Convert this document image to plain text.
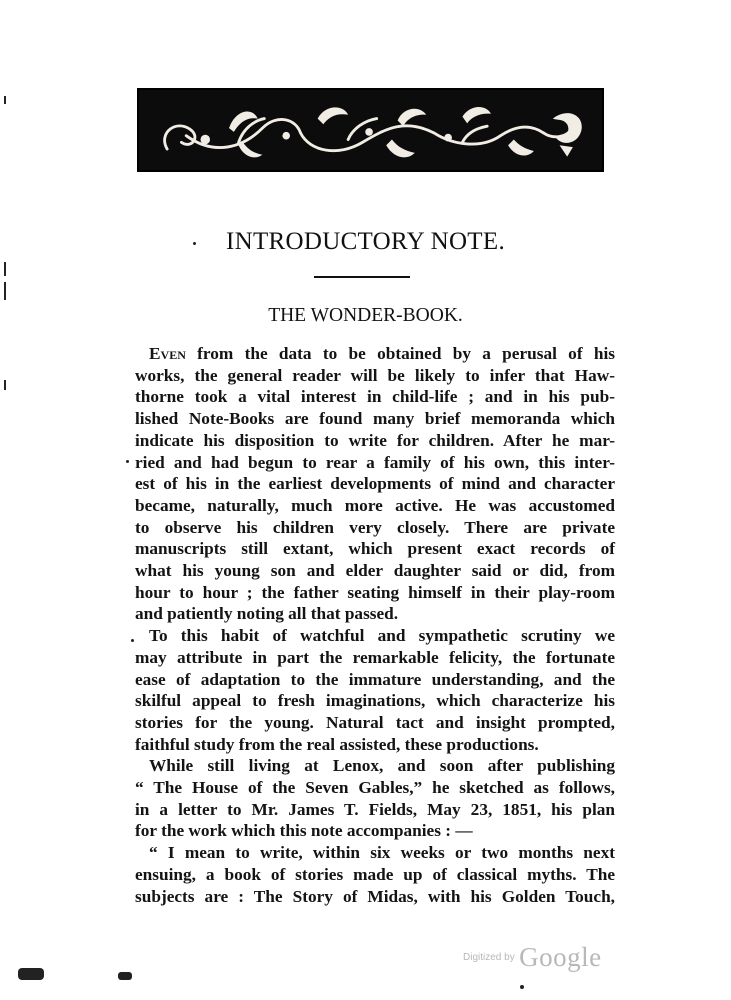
INTRODUCTORY NOTE.
THE WONDER-BOOK.
Even from the data to be obtained by a perusal of his
works, the general reader will be likely to infer that Haw-
thorne took a vital interest in child-life ; and in his pub-
lished Note-Books are found many brief memoranda which
indicate his disposition to write for children. After he mar-
ried and had begun to rear a family of his own, this inter-
est of his in the earliest developments of mind and character
became, naturally, much more active. He was accustomed
to observe his children very closely. There are private
manuscripts still extant, which present exact records of
what his young son and elder daughter said or did, from
hour to hour ; the father seating himself in their play-room
and patiently noting all that passed.
To this habit of watchful and sympathetic scrutiny we
may attribute in part the remarkable felicity, the fortunate
ease of adaptation to the immature understanding, and the
skilful appeal to fresh imaginations, which characterize his
stories for the young. Natural tact and insight prompted,
faithful study from the real assisted, these productions.
While still living at Lenox, and soon after publishing
“ The House of the Seven Gables,” he sketched as follows,
in a letter to Mr. James T. Fields, May 23, 1851, his plan
for the work which this note accompanies : —
“ I mean to write, within six weeks or two months next
ensuing, a book of stories made up of classical myths. The
subjects are : The Story of Midas, with his Golden Touch,
Digitized by Google
